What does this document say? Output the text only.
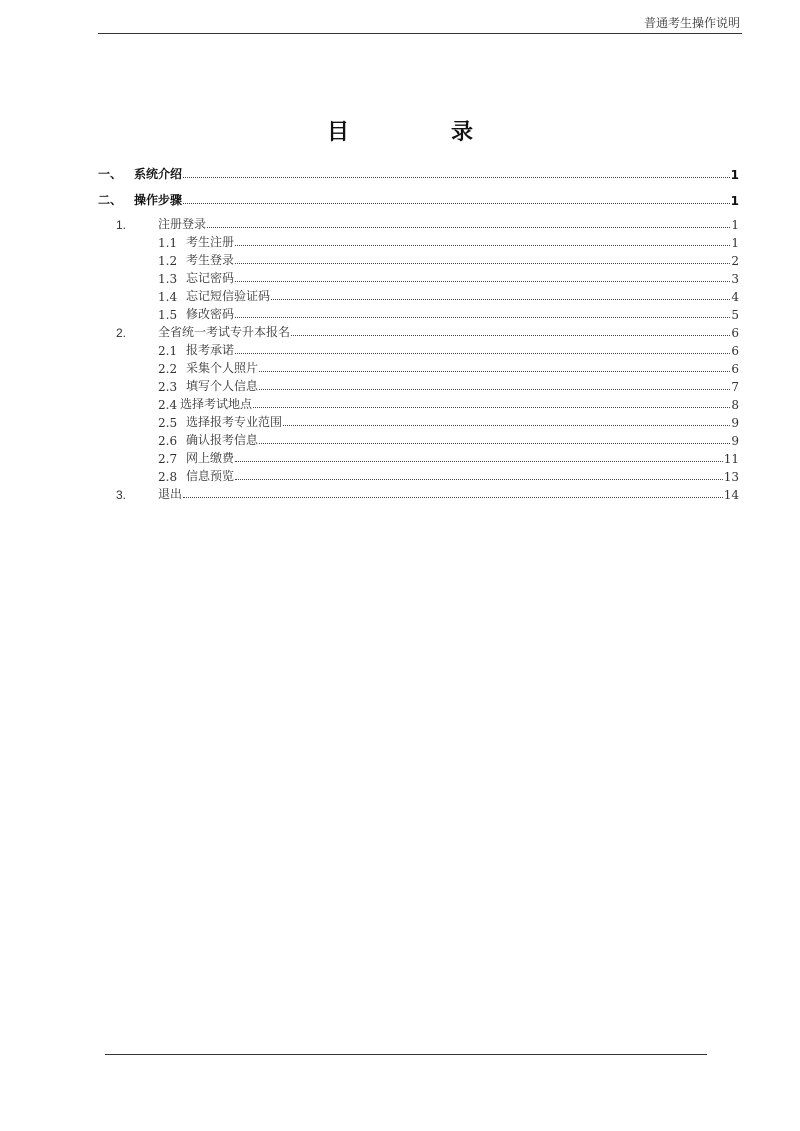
普通考生操作说明
目　录
一、 系统介绍	1
二、 操作步骤	1
1.	注册登录	1
1.1 考生注册	1
1.2 考生登录	2
1.3 忘记密码	3
1.4 忘记短信验证码	4
1.5 修改密码	5
2.	全省统一考试专升本报名	6
2.1 报考承诺	6
2.2 采集个人照片	6
2.3 填写个人信息	7
2.4 选择考试地点	8
2.5 选择报考专业范围	9
2.6 确认报考信息	9
2.7 网上缴费	11
2.8 信息预览	13
3.	退出	14
